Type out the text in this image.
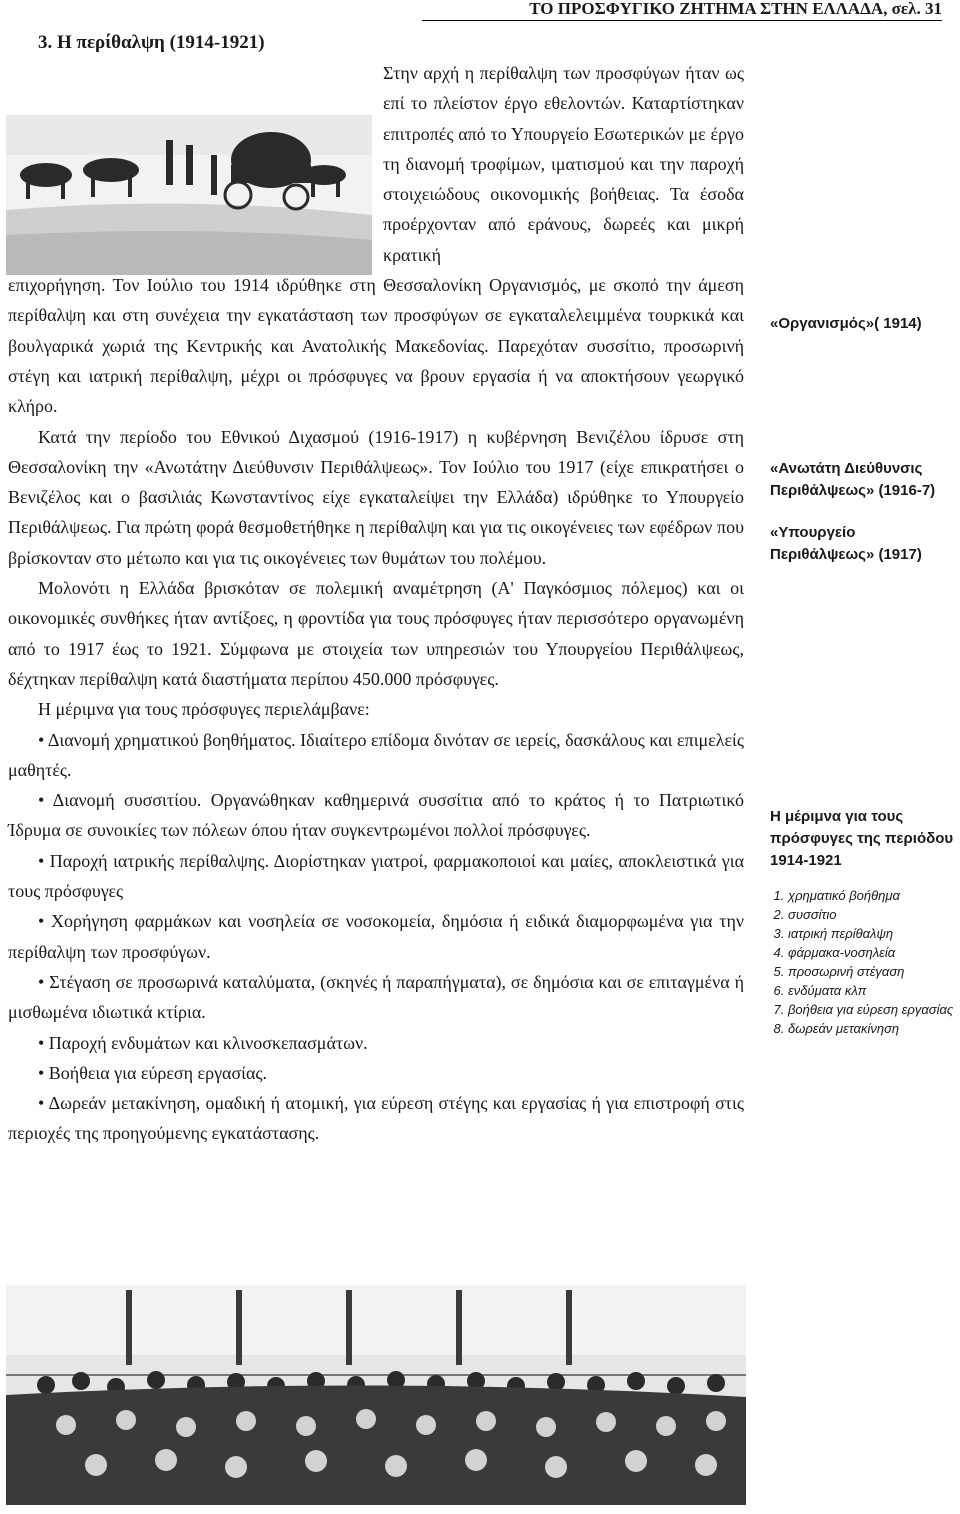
ΤΟ ΠΡΟΣΦΥΓΙΚΟ ΖΗΤΗΜΑ ΣΤΗΝ ΕΛΛΑΔΑ, σελ. 31
3. Η περίθαλψη (1914-1921)

Στην αρχή η περίθαλψη των προσφύγων ήταν ως επί το πλείστον έργο εθελοντών. Καταρτίστηκαν επιτροπές από το Υπουργείο Εσωτερικών με έργο τη διανομή τροφίμων, ιματισμού και την παροχή στοιχειώδους οικονομικής βοήθειας. Τα έσοδα προέρχονταν από εράνους, δωρεές και μικρή κρατική

επιχορήγηση. Τον Ιούλιο του 1914 ιδρύθηκε στη Θεσσαλονίκη Οργανισμός, με σκοπό την άμεση περίθαλψη και στη συνέχεια την εγκατάσταση των προσφύγων σε εγκαταλελειμμένα τουρκικά και βουλγαρικά χωριά της Κεντρικής και Ανατολικής Μακεδονίας. Παρεχόταν συσσίτιο, προσωρινή στέγη και ιατρική περίθαλψη, μέχρι οι πρόσφυγες να βρουν εργασία ή να αποκτήσουν γεωργικό κλήρο.

Κατά την περίοδο του Εθνικού Διχασμού (1916-1917) η κυβέρνηση Βενιζέλου ίδρυσε στη Θεσσαλονίκη την «Ανωτάτην Διεύθυνσιν Περιθάλψεως». Τον Ιούλιο του 1917 (είχε επικρατήσει ο Βενιζέλος και ο βασιλιάς Κωνσταντίνος είχε εγκαταλείψει την Ελλάδα) ιδρύθηκε το Υπουργείο Περιθάλψεως. Για πρώτη φορά θεσμοθετήθηκε η περίθαλψη και για τις οικογένειες των εφέδρων που βρίσκονταν στο μέτωπο και για τις οικογένειες των θυμάτων του πολέμου.

Μολονότι η Ελλάδα βρισκόταν σε πολεμική αναμέτρηση (Α' Παγκόσμιος πόλεμος) και οι οικονομικές συνθήκες ήταν αντίξοες, η φροντίδα για τους πρόσφυγες ήταν περισσότερο οργανωμένη από το 1917 έως το 1921. Σύμφωνα με στοιχεία των υπηρεσιών του Υπουργείου Περιθάλψεως, δέχτηκαν περίθαλψη κατά διαστήματα περίπου 450.000 πρόσφυγες.

Η μέριμνα για τους πρόσφυγες περιελάμβανε:

• Διανομή χρηματικού βοηθήματος. Ιδιαίτερο επίδομα δινόταν σε ιερείς, δασκάλους και επιμελείς μαθητές.

• Διανομή συσσιτίου. Οργανώθηκαν καθημερινά συσσίτια από το κράτος ή το Πατριωτικό Ίδρυμα σε συνοικίες των πόλεων όπου ήταν συγκεντρωμένοι πολλοί πρόσφυγες.

• Παροχή ιατρικής περίθαλψης. Διορίστηκαν γιατροί, φαρμακοποιοί και μαίες, αποκλειστικά για τους πρόσφυγες

• Χορήγηση φαρμάκων και νοσηλεία σε νοσοκομεία, δημόσια ή ειδικά διαμορφωμένα για την περίθαλψη των προσφύγων.

• Στέγαση σε προσωρινά καταλύματα, (σκηνές ή παραπήγματα), σε δημόσια και σε επιταγμένα ή μισθωμένα ιδιωτικά κτίρια.

• Παροχή ενδυμάτων και κλινοσκεπασμάτων.

• Βοήθεια για εύρεση εργασίας.

• Δωρεάν μετακίνηση, ομαδική ή ατομική, για εύρεση στέγης και εργασίας ή για επιστροφή στις περιοχές της προηγούμενης εγκατάστασης.

«Οργανισμός»( 1914)
«Ανωτάτη Διεύθυνσις Περιθάλψεως» (1916-7)
«Υπουργείο Περιθάλψεως» (1917)
Η μέριμνα για τους πρόσφυγες της περιόδου 1914-1921
1. χρηματικό βοήθημα
2. συσσίτιο
3. ιατρική περίθαλψη
4. φάρμακα-νοσηλεία
5. προσωρινή στέγαση
6. ενδύματα κλπ
7. βοήθεια για εύρεση εργασίας
8. δωρεάν μετακίνηση
